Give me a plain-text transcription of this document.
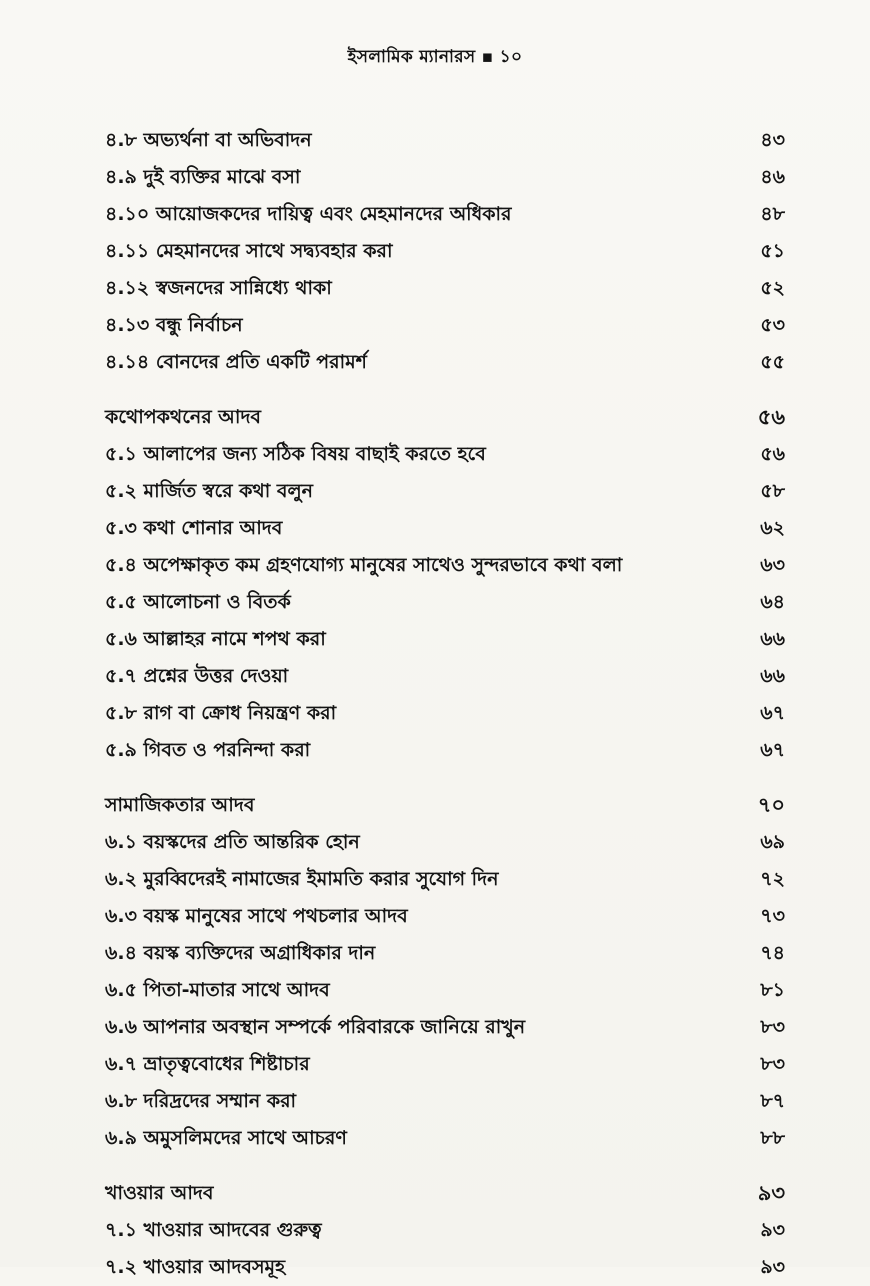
ইসলামিক ম্যানারস ▪ ১০
৪.৮ অভ্যর্থনা বা অভিবাদন	৪৩
৪.৯ দুই ব্যক্তির মাঝে বসা	৪৬
৪.১০ আয়োজকদের দায়িত্ব এবং মেহমানদের অধিকার	৪৮
৪.১১ মেহমানদের সাথে সদ্ব্যবহার করা	৫১
৪.১২ স্বজনদের সান্নিধ্যে থাকা	৫২
৪.১৩ বন্ধু নির্বাচন	৫৩
৪.১৪ বোনদের প্রতি একটি পরামর্শ	৫৫
কথোপকথনের আদব	৫৬
৫.১ আলাপের জন্য সঠিক বিষয় বাছাই করতে হবে	৫৬
৫.২ মার্জিত স্বরে কথা বলুন	৫৮
৫.৩ কথা শোনার আদব	৬২
৫.৪ অপেক্ষাকৃত কম গ্রহণযোগ্য মানুষের সাথেও সুন্দরভাবে কথা বলা	৬৩
৫.৫ আলোচনা ও বিতর্ক	৬৪
৫.৬ আল্লাহর নামে শপথ করা	৬৬
৫.৭ প্রশ্নের উত্তর দেওয়া	৬৬
৫.৮ রাগ বা ক্রোধ নিয়ন্ত্রণ করা	৬৭
৫.৯ গিবত ও পরনিন্দা করা	৬৭
সামাজিকতার আদব	৭০
৬.১ বয়স্কদের প্রতি আন্তরিক হোন	৬৯
৬.২ মুরব্বিদেরই নামাজের ইমামতি করার সুযোগ দিন	৭২
৬.৩ বয়স্ক মানুষের সাথে পথচলার আদব	৭৩
৬.৪ বয়স্ক ব্যক্তিদের অগ্রাধিকার দান	৭৪
৬.৫ পিতা-মাতার সাথে আদব	৮১
৬.৬ আপনার অবস্থান সম্পর্কে পরিবারকে জানিয়ে রাখুন	৮৩
৬.৭ ভ্রাতৃত্ববোধের শিষ্টাচার	৮৩
৬.৮ দরিদ্রদের সম্মান করা	৮৭
৬.৯ অমুসলিমদের সাথে আচরণ	৮৮
খাওয়ার আদব	৯৩
৭.১ খাওয়ার আদবের গুরুত্ব	৯৩
৭.২ খাওয়ার আদবসমূহ	৯৩
